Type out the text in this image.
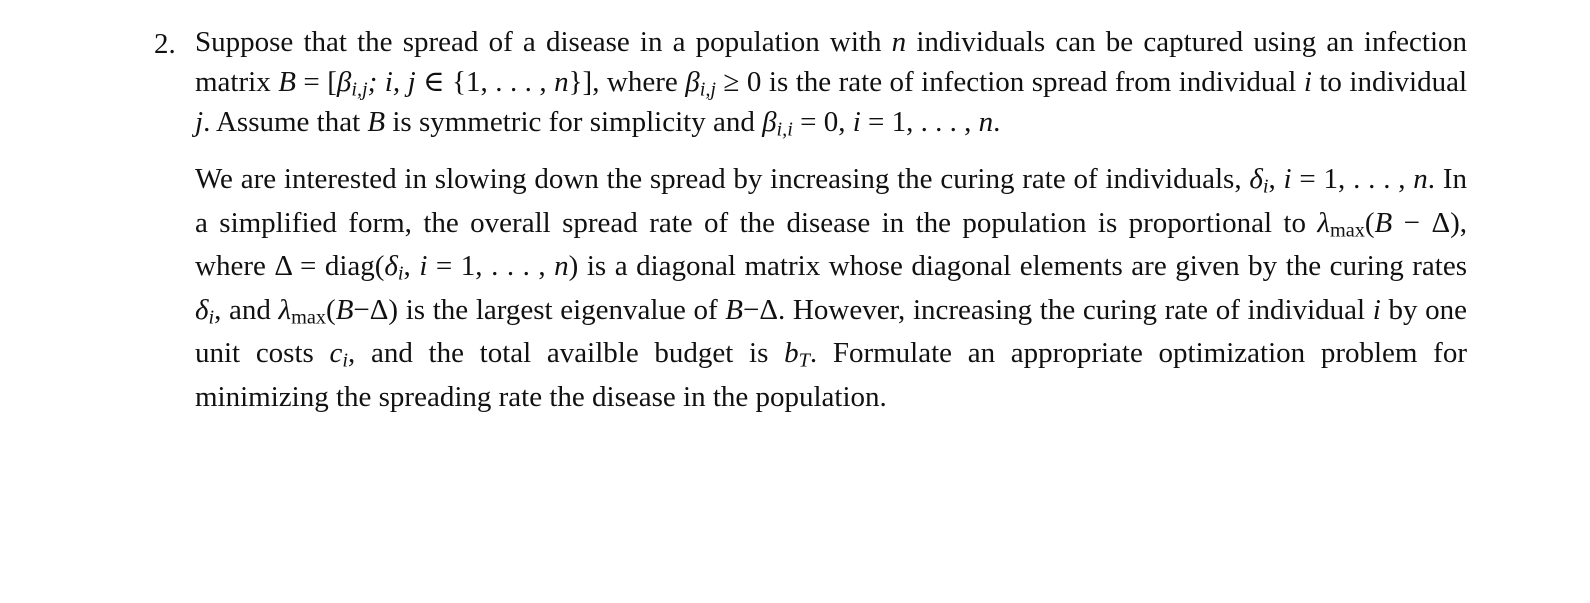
2. Suppose that the spread of a disease in a population with n individuals can be captured using an infection matrix $B = [\beta_{i,j}$; i, j ∈ {1, . . . , n}], where $\beta_{i,j} \ge 0$ is the rate of infection spread from individual i to individual j. Assume that B is symmetric for simplicity and $\beta_{i,i} = 0$, i = 1, . . . , n.

We are interested in slowing down the spread by increasing the curing rate of individuals, $\delta_i$, i = 1, . . . , n. In a simplified form, the overall spread rate of the disease in the population is proportional to $\lambda_{max}(B - \Delta)$, where $\Delta = diag(\delta_i$, i = 1, . . . , n) is a diagonal matrix whose diagonal elements are given by the curing rates $\delta_i$, and $\lambda_{max}(B-\Delta)$ is the largest eigenvalue of B−Δ. However, increasing the curing rate of individual i by one unit costs $c_i$, and the total availble budget is $b_T$. Formulate an appropriate optimization problem for minimizing the spreading rate the disease in the population.
